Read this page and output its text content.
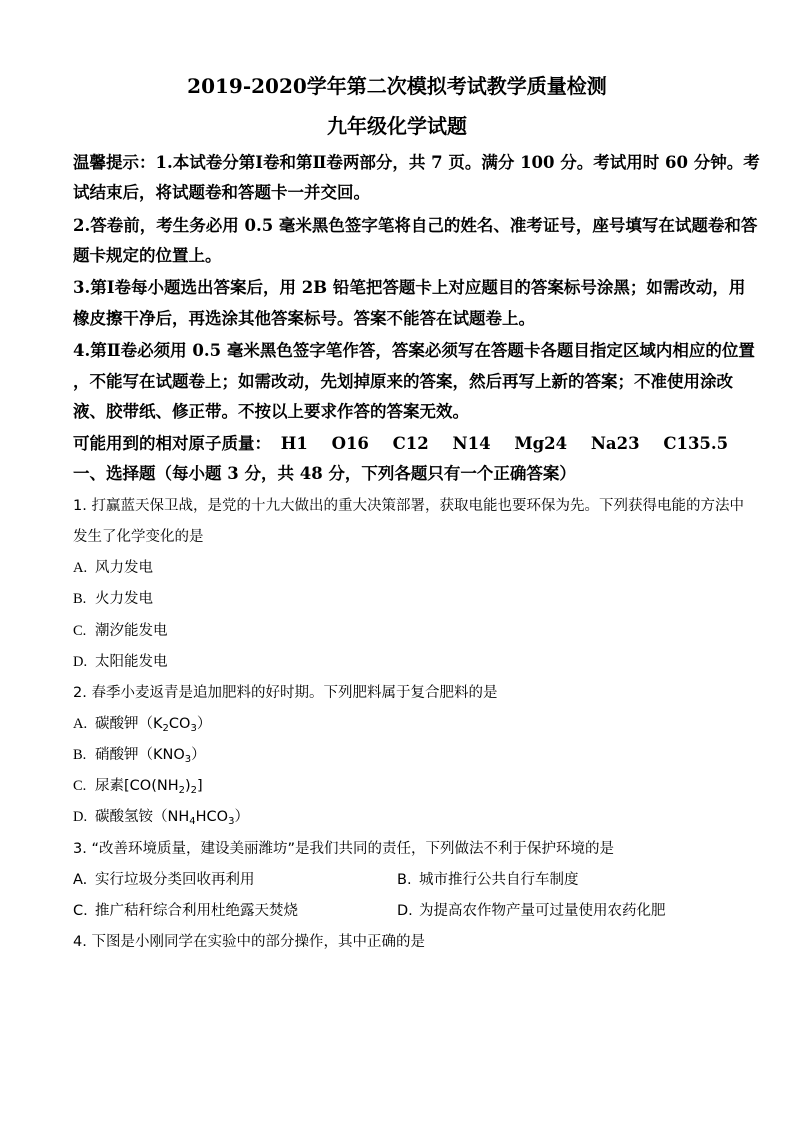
2019-2020学年第二次模拟考试教学质量检测
九年级化学试题
温馨提示：1.本试卷分第Ⅰ卷和第Ⅱ卷两部分，共 7 页。满分 100 分。考试用时 60 分钟。考
试结束后，将试题卷和答题卡一并交回。
2.答卷前，考生务必用 0.5 毫米黑色签字笔将自己的姓名、准考证号，座号填写在试题卷和答
题卡规定的位置上。
3.第Ⅰ卷每小题选出答案后，用 2B 铅笔把答题卡上对应题目的答案标号涂黑；如需改动，用
橡皮擦干净后，再选涂其他答案标号。答案不能答在试题卷上。
4.第Ⅱ卷必须用 0.5 毫米黑色签字笔作答，答案必须写在答题卡各题目指定区域内相应的位置
，不能写在试题卷上；如需改动，先划掉原来的答案，然后再写上新的答案；不准使用涂改
液、胶带纸、修正带。不按以上要求作答的答案无效。
可能用到的相对原子质量： H1 O16 C12 N14 Mg24 Na23 C135.5
一、选择题（每小题 3 分，共 48 分，下列各题只有一个正确答案）
1. 打赢蓝天保卫战，是党的十九大做出的重大决策部署，获取电能也要环保为先。下列获得电能的方法中
发生了化学变化的是
A. 风力发电
B. 火力发电
C. 潮汐能发电
D. 太阳能发电
2. 春季小麦返青是追加肥料的好时期。下列肥料属于复合肥料的是
A. 碳酸钾$(K_2CO_3)$
B. 硝酸钾$(KNO_3)$
C. 尿素$[CO(NH_2)_2]$
D. 碳酸氢铵$(NH_4HCO_3)$
3. “改善环境质量，建设美丽潍坊”是我们共同的责任，下列做法不利于保护环境的是
A. 实行垃圾分类回收再利用	B. 城市推行公共自行车制度
C. 推广秸秆综合利用杜绝露天焚烧	D. 为提高农作物产量可过量使用农药化肥
4. 下图是小刚同学在实验中的部分操作，其中正确的是
